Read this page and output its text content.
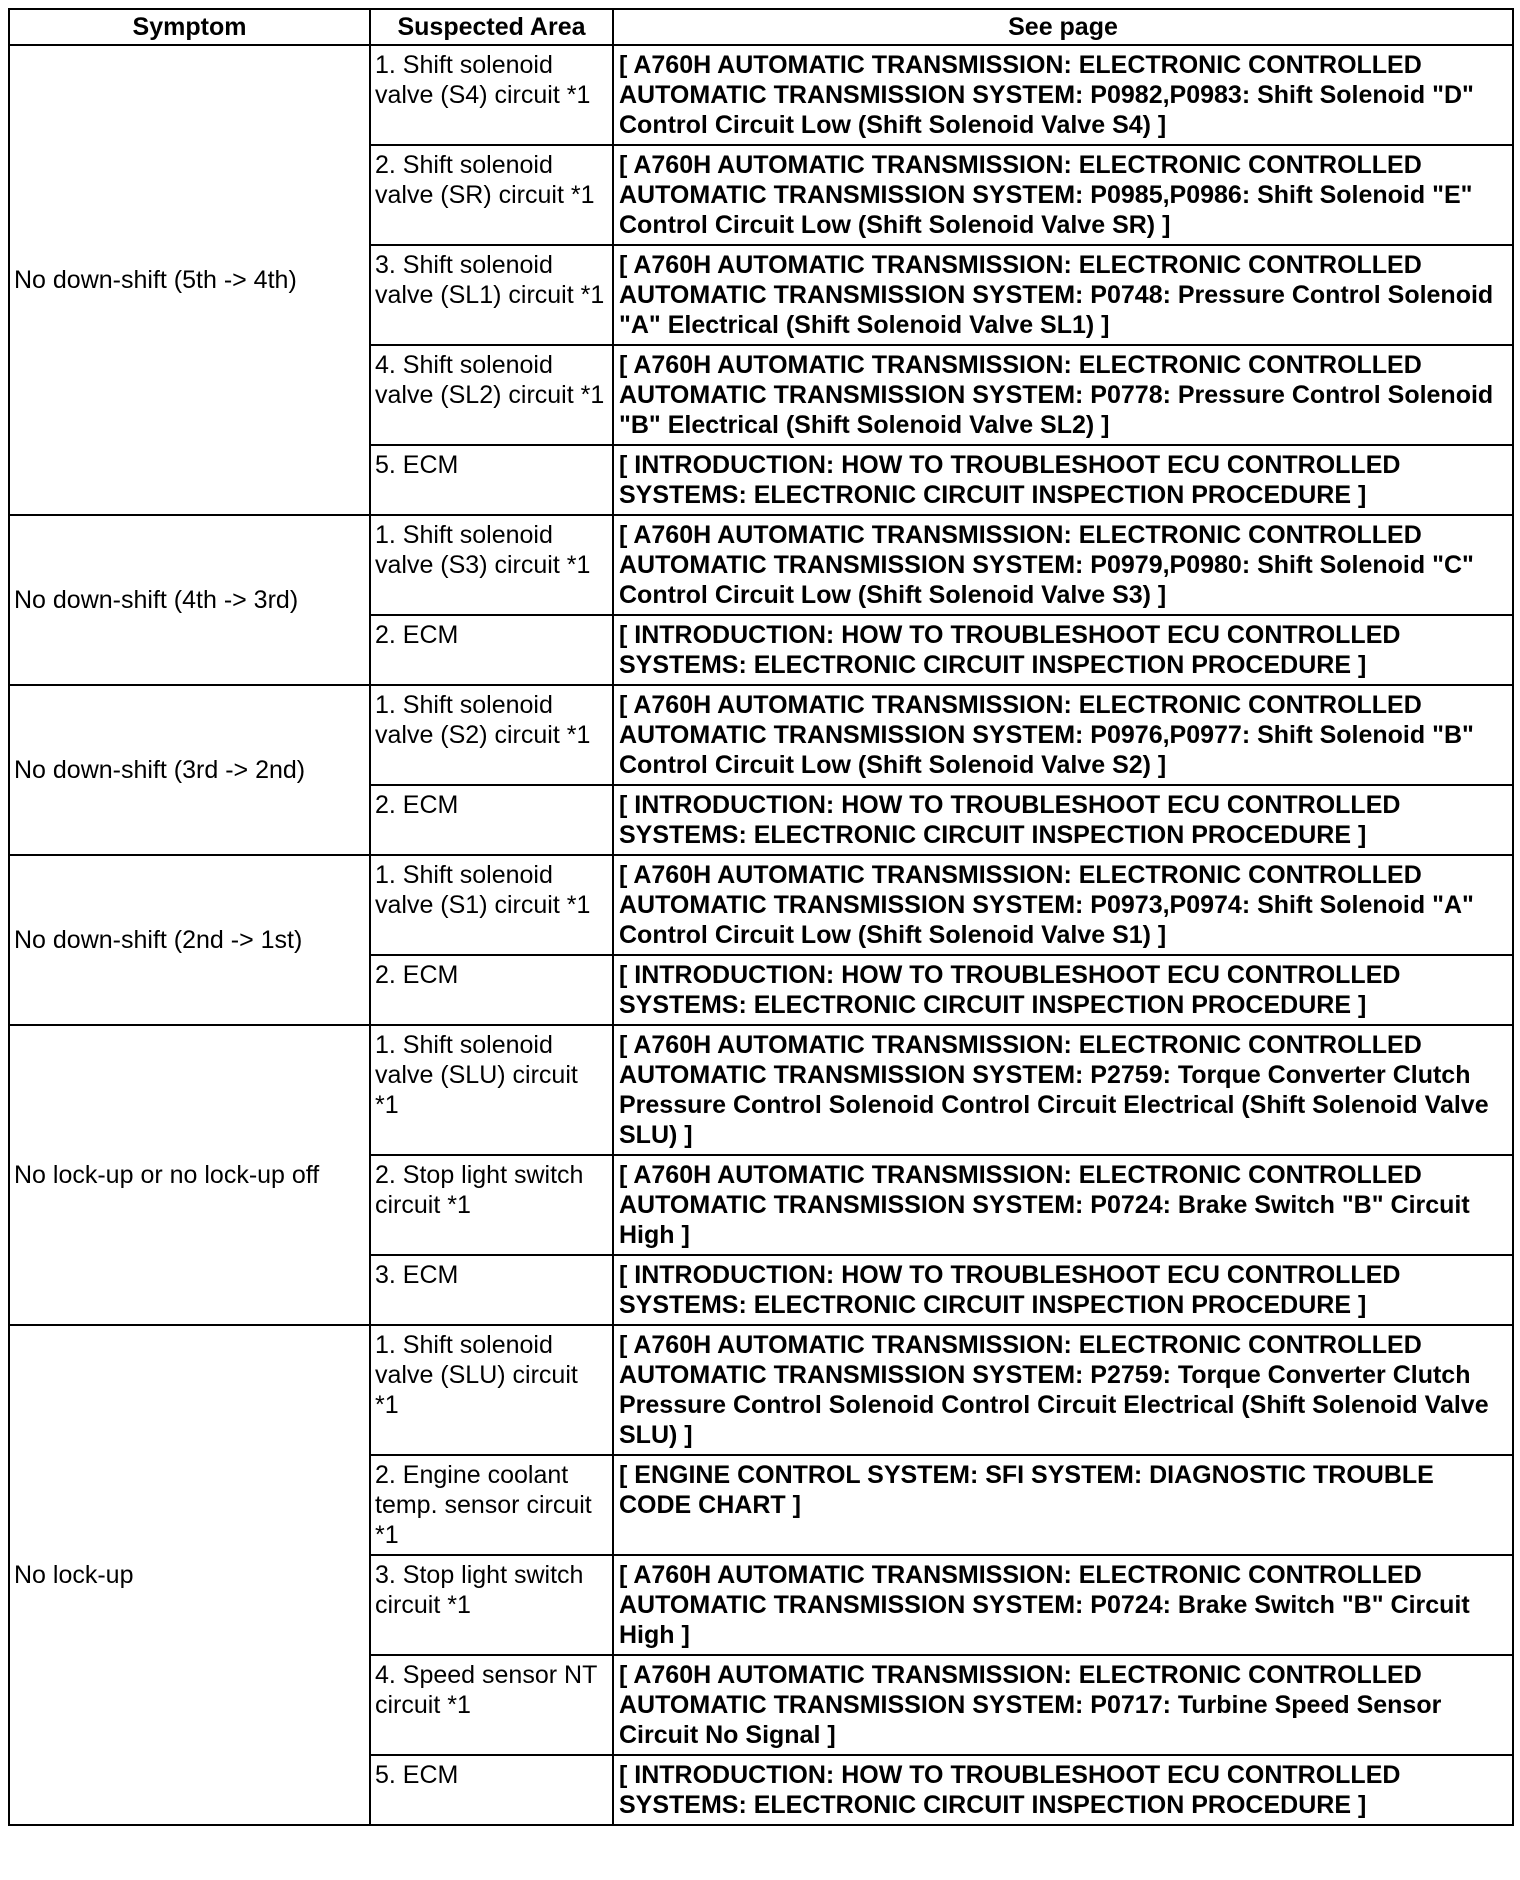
Symptom	Suspected Area	See page
No down-shift (5th -> 4th)	1. Shift solenoid valve (S4) circuit *1	[ A760H AUTOMATIC TRANSMISSION: ELECTRONIC CONTROLLED AUTOMATIC TRANSMISSION SYSTEM: P0982,P0983: Shift Solenoid "D" Control Circuit Low (Shift Solenoid Valve S4) ]
	2. Shift solenoid valve (SR) circuit *1	[ A760H AUTOMATIC TRANSMISSION: ELECTRONIC CONTROLLED AUTOMATIC TRANSMISSION SYSTEM: P0985,P0986: Shift Solenoid "E" Control Circuit Low (Shift Solenoid Valve SR) ]
	3. Shift solenoid valve (SL1) circuit *1	[ A760H AUTOMATIC TRANSMISSION: ELECTRONIC CONTROLLED AUTOMATIC TRANSMISSION SYSTEM: P0748: Pressure Control Solenoid "A" Electrical (Shift Solenoid Valve SL1) ]
	4. Shift solenoid valve (SL2) circuit *1	[ A760H AUTOMATIC TRANSMISSION: ELECTRONIC CONTROLLED AUTOMATIC TRANSMISSION SYSTEM: P0778: Pressure Control Solenoid "B" Electrical (Shift Solenoid Valve SL2) ]
	5. ECM	[ INTRODUCTION: HOW TO TROUBLESHOOT ECU CONTROLLED SYSTEMS: ELECTRONIC CIRCUIT INSPECTION PROCEDURE ]
No down-shift (4th -> 3rd)	1. Shift solenoid valve (S3) circuit *1	[ A760H AUTOMATIC TRANSMISSION: ELECTRONIC CONTROLLED AUTOMATIC TRANSMISSION SYSTEM: P0979,P0980: Shift Solenoid "C" Control Circuit Low (Shift Solenoid Valve S3) ]
	2. ECM	[ INTRODUCTION: HOW TO TROUBLESHOOT ECU CONTROLLED SYSTEMS: ELECTRONIC CIRCUIT INSPECTION PROCEDURE ]
No down-shift (3rd -> 2nd)	1. Shift solenoid valve (S2) circuit *1	[ A760H AUTOMATIC TRANSMISSION: ELECTRONIC CONTROLLED AUTOMATIC TRANSMISSION SYSTEM: P0976,P0977: Shift Solenoid "B" Control Circuit Low (Shift Solenoid Valve S2) ]
	2. ECM	[ INTRODUCTION: HOW TO TROUBLESHOOT ECU CONTROLLED SYSTEMS: ELECTRONIC CIRCUIT INSPECTION PROCEDURE ]
No down-shift (2nd -> 1st)	1. Shift solenoid valve (S1) circuit *1	[ A760H AUTOMATIC TRANSMISSION: ELECTRONIC CONTROLLED AUTOMATIC TRANSMISSION SYSTEM: P0973,P0974: Shift Solenoid "A" Control Circuit Low (Shift Solenoid Valve S1) ]
	2. ECM	[ INTRODUCTION: HOW TO TROUBLESHOOT ECU CONTROLLED SYSTEMS: ELECTRONIC CIRCUIT INSPECTION PROCEDURE ]
No lock-up or no lock-up off	1. Shift solenoid valve (SLU) circuit *1	[ A760H AUTOMATIC TRANSMISSION: ELECTRONIC CONTROLLED AUTOMATIC TRANSMISSION SYSTEM: P2759: Torque Converter Clutch Pressure Control Solenoid Control Circuit Electrical (Shift Solenoid Valve SLU) ]
	2. Stop light switch circuit *1	[ A760H AUTOMATIC TRANSMISSION: ELECTRONIC CONTROLLED AUTOMATIC TRANSMISSION SYSTEM: P0724: Brake Switch "B" Circuit High ]
	3. ECM	[ INTRODUCTION: HOW TO TROUBLESHOOT ECU CONTROLLED SYSTEMS: ELECTRONIC CIRCUIT INSPECTION PROCEDURE ]
No lock-up	1. Shift solenoid valve (SLU) circuit *1	[ A760H AUTOMATIC TRANSMISSION: ELECTRONIC CONTROLLED AUTOMATIC TRANSMISSION SYSTEM: P2759: Torque Converter Clutch Pressure Control Solenoid Control Circuit Electrical (Shift Solenoid Valve SLU) ]
	2. Engine coolant temp. sensor circuit *1	[ ENGINE CONTROL SYSTEM: SFI SYSTEM: DIAGNOSTIC TROUBLE CODE CHART ]
	3. Stop light switch circuit *1	[ A760H AUTOMATIC TRANSMISSION: ELECTRONIC CONTROLLED AUTOMATIC TRANSMISSION SYSTEM: P0724: Brake Switch "B" Circuit High ]
	4. Speed sensor NT circuit *1	[ A760H AUTOMATIC TRANSMISSION: ELECTRONIC CONTROLLED AUTOMATIC TRANSMISSION SYSTEM: P0717: Turbine Speed Sensor Circuit No Signal ]
	5. ECM	[ INTRODUCTION: HOW TO TROUBLESHOOT ECU CONTROLLED SYSTEMS: ELECTRONIC CIRCUIT INSPECTION PROCEDURE ]
